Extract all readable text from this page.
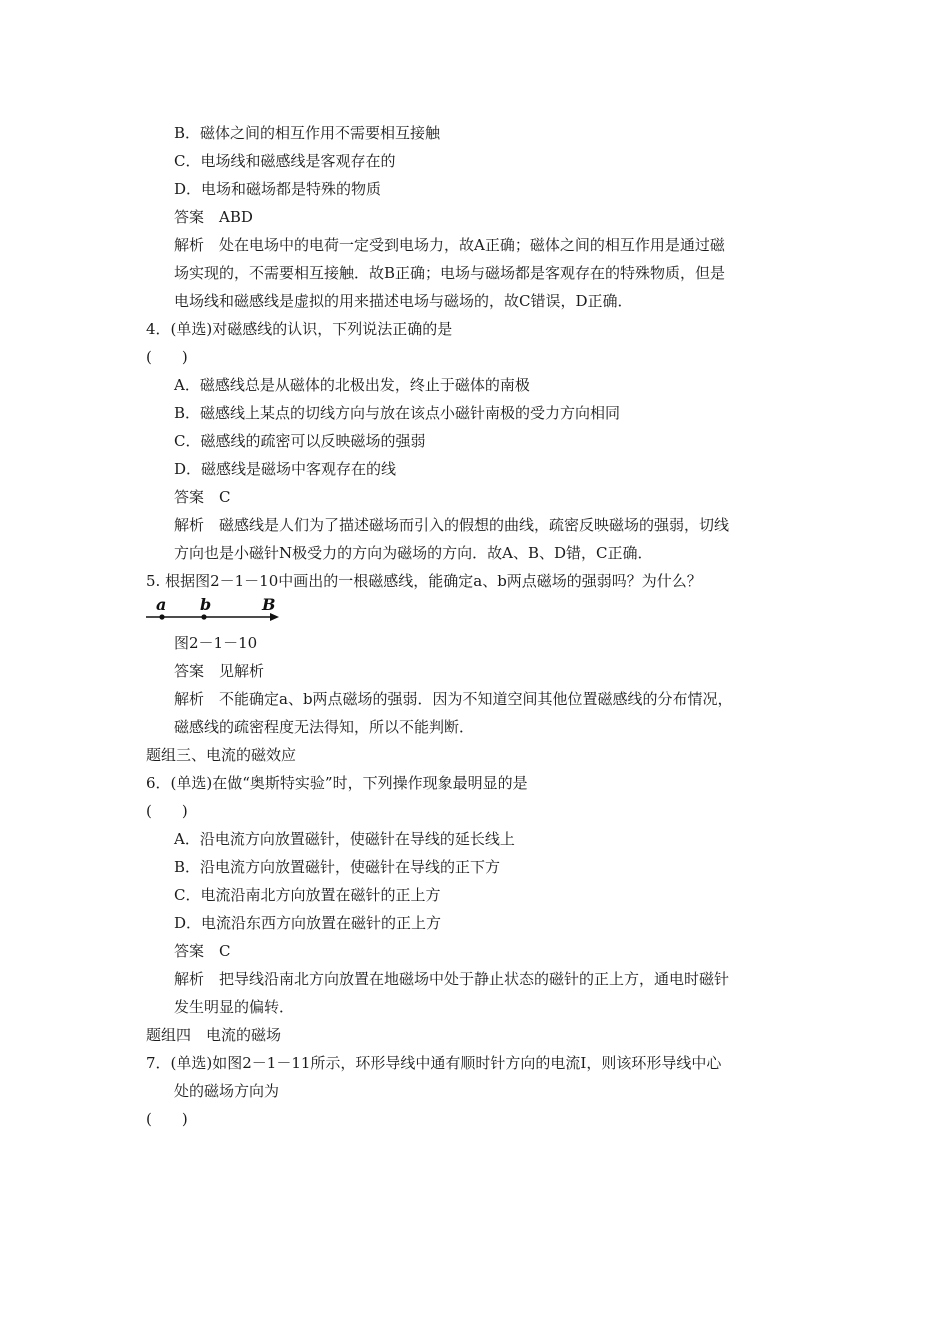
B．磁体之间的相互作用不需要相互接触
C．电场线和磁感线是客观存在的
D．电场和磁场都是特殊的物质
答案　ABD
解析　处在电场中的电荷一定受到电场力，故A正确；磁体之间的相互作用是通过磁
场实现的，不需要相互接触．故B正确；电场与磁场都是客观存在的特殊物质，但是
电场线和磁感线是虚拟的用来描述电场与磁场的，故C错误，D正确．
4．(单选)对磁感线的认识，下列说法正确的是
(　　)
A．磁感线总是从磁体的北极出发，终止于磁体的南极
B．磁感线上某点的切线方向与放在该点小磁针南极的受力方向相同
C．磁感线的疏密可以反映磁场的强弱
D．磁感线是磁场中客观存在的线
答案　C
解析　磁感线是人们为了描述磁场而引入的假想的曲线，疏密反映磁场的强弱，切线
方向也是小磁针N极受力的方向为磁场的方向．故A、B、D错，C正确．
5. 根据图2－1－10中画出的一根磁感线，能确定a、b两点磁场的强弱吗？为什么？
a b	B
图2－1－10
答案　见解析
解析　不能确定a、b两点磁场的强弱．因为不知道空间其他位置磁感线的分布情况，
磁感线的疏密程度无法得知，所以不能判断．
题组三、电流的磁效应
6．(单选)在做“奥斯特实验”时，下列操作现象最明显的是
(　　)
A．沿电流方向放置磁针，使磁针在导线的延长线上
B．沿电流方向放置磁针，使磁针在导线的正下方
C．电流沿南北方向放置在磁针的正上方
D．电流沿东西方向放置在磁针的正上方
答案　C
解析　把导线沿南北方向放置在地磁场中处于静止状态的磁针的正上方，通电时磁针
发生明显的偏转．
题组四　电流的磁场
7．(单选)如图2－1－11所示，环形导线中通有顺时针方向的电流I，则该环形导线中心
处的磁场方向为
(　　)
